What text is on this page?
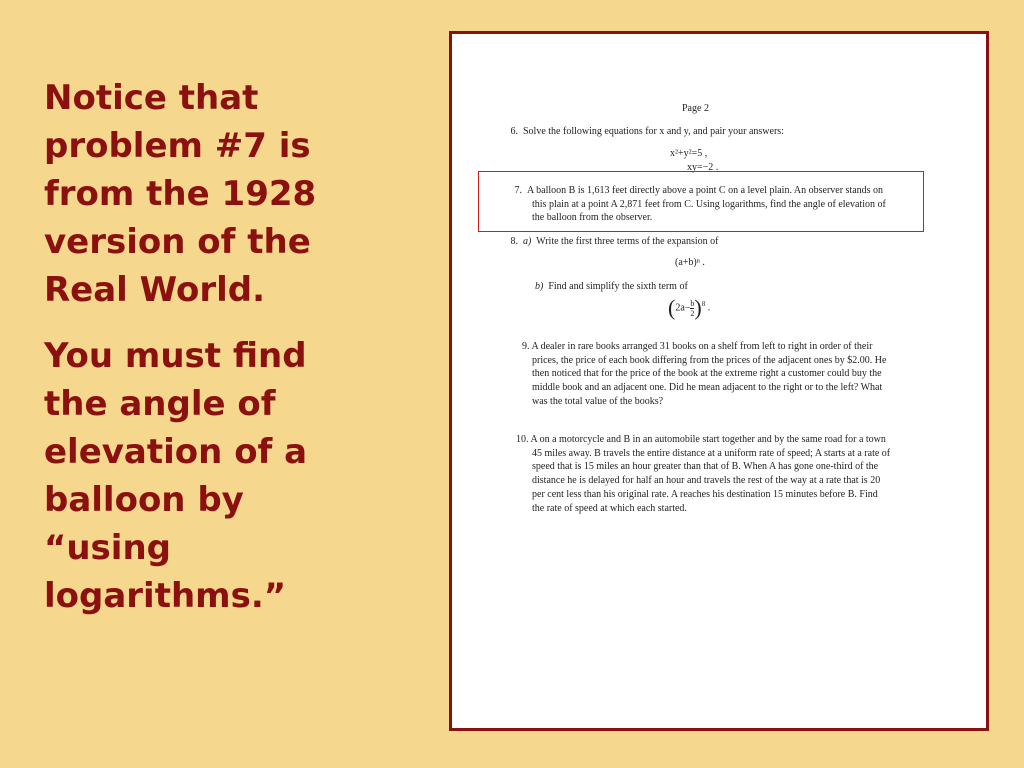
Notice that problem #7 is from the 1928 version of the Real World.

You must find the angle of elevation of a balloon by “using logarithms.”

Page 2
6. Solve the following equations for x and y, and pair your answers:
x²+y²=5 ,
xy=−2 .
7. A balloon B is 1,613 feet directly above a point C on a level plain. An observer stands on this plain at a point A 2,871 feet from C. Using logarithms, find the angle of elevation of the balloon from the observer.
8. a) Write the first three terms of the expansion of
(a+b)ⁿ .
b) Find and simplify the sixth term of
$(2a- \frac{b}{2} )^8$ .
9. A dealer in rare books arranged 31 books on a shelf from left to right in order of their prices, the price of each book differing from the prices of the adjacent ones by $2.00. He then noticed that for the price of the book at the extreme right a customer could buy the middle book and an adjacent one. Did he mean adjacent to the right or to the left? What was the total value of the books?
10. A on a motorcycle and B in an automobile start together and by the same road for a town 45 miles away. B travels the entire distance at a uniform rate of speed; A starts at a rate of speed that is 15 miles an hour greater than that of B. When A has gone one-third of the distance he is delayed for half an hour and travels the rest of the way at a rate that is 20 per cent less than his original rate. A reaches his destination 15 minutes before B. Find the rate of speed at which each started.
